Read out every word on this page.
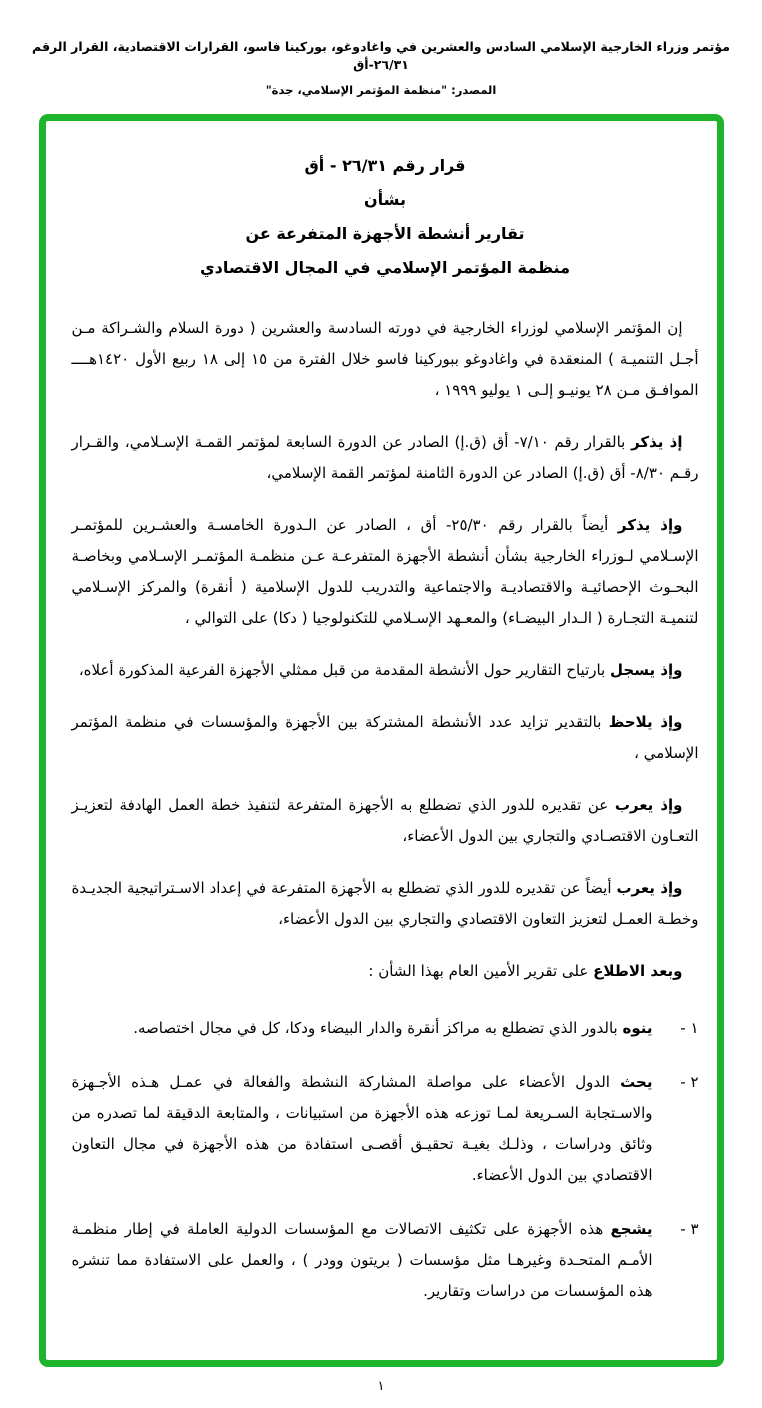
مؤتمر وزراء الخارجية الإسلامي السادس والعشرين في واغادوغو، بوركينا فاسو، القرارات الاقتصادية، القرار الرقم ٢٦/٣١-أق
المصدر: "منظمة المؤتمر الإسلامي، جدة"
قرار رقم ٢٦/٣١ - أق
بشأن
تقارير أنشطة الأجهزة المتفرعة عن
منظمة المؤتمر الإسلامي في المجال الاقتصادي

إن المؤتمر الإسلامي لوزراء الخارجية في دورته السادسة والعشرين ( دورة السلام والشـراكة مـن أجـل التنميـة ) المنعقدة في واغادوغو ببوركينا فاسو خلال الفترة من ١٥ إلى ١٨ ربيع الأول ١٤٢٠هــــ الموافـق مـن ٢٨ يونيـو إلـى ١ يوليو ١٩٩٩ ،

إذ يذكر بالقرار رقم ٧/١٠- أق (ق.إ) الصادر عن الدورة السابعة لمؤتمر القمـة الإسـلامي، والقـرار رقـم ٨/٣٠- أق (ق.إ) الصادر عن الدورة الثامنة لمؤتمر القمة الإسلامي،

وإذ يذكر أيضاً بالقرار رقم ٢٥/٣٠- أق ، الصادر عن الـدورة الخامسـة والعشـرين للمؤتمـر الإسـلامي لـوزراء الخارجية بشأن أنشطة الأجهزة المتفرعـة عـن منظمـة المؤتمـر الإسـلامي وبخاصـة البحـوث الإحصائيـة والاقتصاديـة والاجتماعية والتدريب للدول الإسلامية ( أنقرة) والمركز الإسـلامي لتنميـة التجـارة ( الـدار البيضـاء) والمعـهد الإسـلامي للتكنولوجيا ( دكا) على التوالي ،

وإذ يسجل بارتياح التقارير حول الأنشطة المقدمة من قبل ممثلي الأجهزة الفرعية المذكورة أعلاه،

وإذ يلاحظ بالتقدير تزايد عدد الأنشطة المشتركة بين الأجهزة والمؤسسات في منظمة المؤتمر الإسلامي ،

وإذ يعرب عن تقديره للدور الذي تضطلع به الأجهزة المتفرعة لتنفيذ خطة العمل الهادفة لتعزيـز التعـاون الاقتصـادي والتجاري بين الدول الأعضاء،

وإذ يعرب أيضاً عن تقديره للدور الذي تضطلع به الأجهزة المتفرعة في إعداد الاسـتراتيجية الجديـدة وخطـة العمـل لتعزيز التعاون الاقتصادي والتجاري بين الدول الأعضاء،

وبعد الاطلاع على تقرير الأمين العام بهذا الشأن :

١ -
ينوه بالدور الذي تضطلع به مراكز أنقرة والدار البيضاء ودكا، كل في مجال اختصاصه.
٢ -
يحث الدول الأعضاء على مواصلة المشاركة النشطة والفعالة في عمـل هـذه الأجـهزة والاسـتجابة السـريعة لمـا توزعه هذه الأجهزة من استبيانات ، والمتابعة الدقيقة لما تصدره من وثائق ودراسات ، وذلـك بغيـة تحقيـق أقصـى استفادة من هذه الأجهزة في مجال التعاون الاقتصادي بين الدول الأعضاء.
٣ -
يشجع هذه الأجهزة على تكثيف الاتصالات مع المؤسسات الدولية العاملة في إطار منظمـة الأمـم المتحـدة وغيرهـا مثل مؤسسات ( بريتون وودر ) ، والعمل على الاستفادة مما تنشره هذه المؤسسات من دراسات وتقارير.
١
